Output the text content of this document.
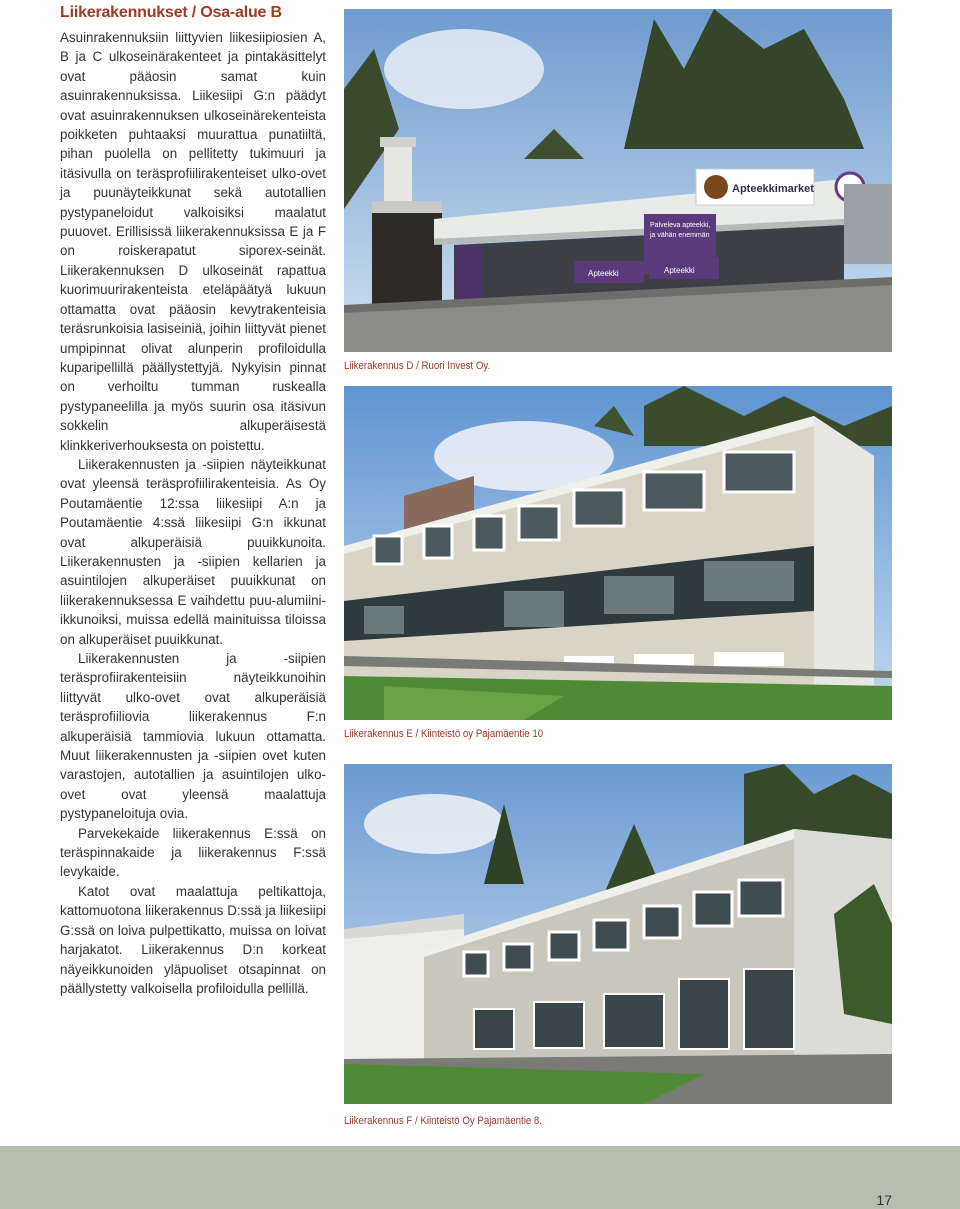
Liikerakennukset / Osa-alue B

Asuinrakennuksiin liittyvien liikesiipiosien A, B ja C ulkoseinärakenteet ja pintakäsittelyt ovat pääosin samat kuin asuinrakennuksissa. Liikesiipi G:n päädyt ovat asuinrakennuksen ulkoseinärekenteista poikketen puhtaaksi muurattua punatiiltä, pihan puolella on pellitetty tukimuuri ja itäsivulla on teräsprofiilirakenteiset ulko-ovet ja puunäyteikkunat sekä autotallien pystypaneloidut valkoisiksi maalatut puuovet. Erillisissä liikerakennuksissa E ja F on roiskerapatut siporex-seinät. Liikerakennuksen D ulkoseinät rapattua kuorimuurirakenteista eteläpäätyä lukuun ottamatta ovat pääosin kevytrakenteisia teräsrunkoisia lasiseiniä, joihin liittyvät pienet umpipinnat olivat alunperin profiloidulla kuparipellillä päällystettyjä. Nykyisin pinnat on verhoiltu tumman ruskealla pystypaneelilla ja myös suurin osa itäsivun sokkelin alkuperäisestä klinkkeriverhouksesta on poistettu.

Liikerakennusten ja -siipien näyteikkunat ovat yleensä teräsprofiilirakenteisia. As Oy Poutamäentie 12:ssa liikesiipi A:n ja Poutamäentie 4:ssä liikesiipi G:n ikkunat ovat alkuperäisiä puuikkunoita. Liikerakennusten ja -siipien kellarien ja asuintilojen alkuperäiset puuikkunat on liikerakennuksessa E vaihdettu puu-alumiini-ikkunoiksi, muissa edellä mainituissa tiloissa on alkuperäiset puuikkunat.

Liikerakennusten ja -siipien teräsprofiirakenteisiin näyteikkunoihin liittyvät ulko-ovet ovat alkuperäisiä teräsprofiiliovia liikerakennus F:n alkuperäisiä tammiovia lukuun ottamatta. Muut liikerakennusten ja -siipien ovet kuten varastojen, autotallien ja asuintilojen ulko-ovet ovat yleensä maalattuja pystypaneloituja ovia.

Parvekekaide liikerakennus E:ssä on teräspinnakaide ja liikerakennus F:ssä levykaide.

Katot ovat maalattuja peltikattoja, kattomuotona liikerakennus D:ssä ja liikesiipi G:ssä on loiva pulpettikatto, muissa on loivat harjakatot. Liikerakennus D:n korkeat näyeikkunoiden yläpuoliset otsapinnat on päällystetty valkoisella profiloidulla pellillä.

Palveleva apteekki,
ja vähän enemmän
Apteekki	Apteekki
Apteekkimarket
Liikerakennus D / Ruori Invest Oy.
Liikerakennus E / Kiinteistö oy Pajamäentie 10
Liikerakennus F / Kiinteistö Oy Pajamäentie 8.
17
